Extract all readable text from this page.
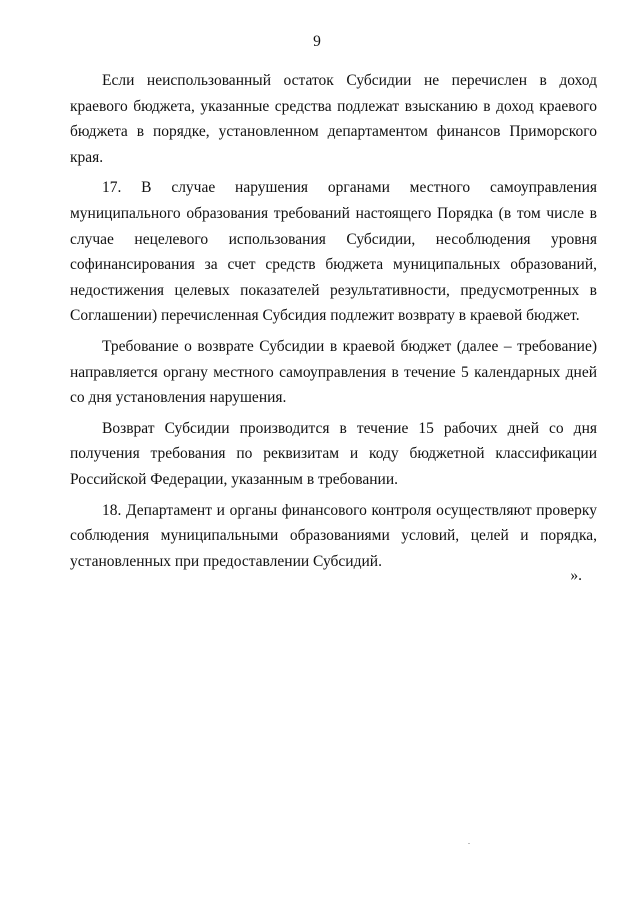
9

Если неиспользованный остаток Субсидии не перечислен в доход краевого бюджета, указанные средства подлежат взысканию в доход краевого бюджета в порядке, установленном департаментом финансов Приморского края.

17. В случае нарушения органами местного самоуправления муниципального образования требований настоящего Порядка (в том числе в случае нецелевого использования Субсидии, несоблюдения уровня софинансирования за счет средств бюджета муниципальных образований, недостижения целевых показателей результативности, предусмотренных в Соглашении) перечисленная Субсидия подлежит возврату в краевой бюджет.

Требование о возврате Субсидии в краевой бюджет (далее – требование) направляется органу местного самоуправления в течение 5 календарных дней со дня установления нарушения.

Возврат Субсидии производится в течение 15 рабочих дней со дня получения требования по реквизитам и коду бюджетной классификации Российской Федерации, указанным в требовании.

18. Департамент и органы финансового контроля осуществляют проверку соблюдения муниципальными образованиями условий, целей и порядка, установленных при предоставлении Субсидий.

».
